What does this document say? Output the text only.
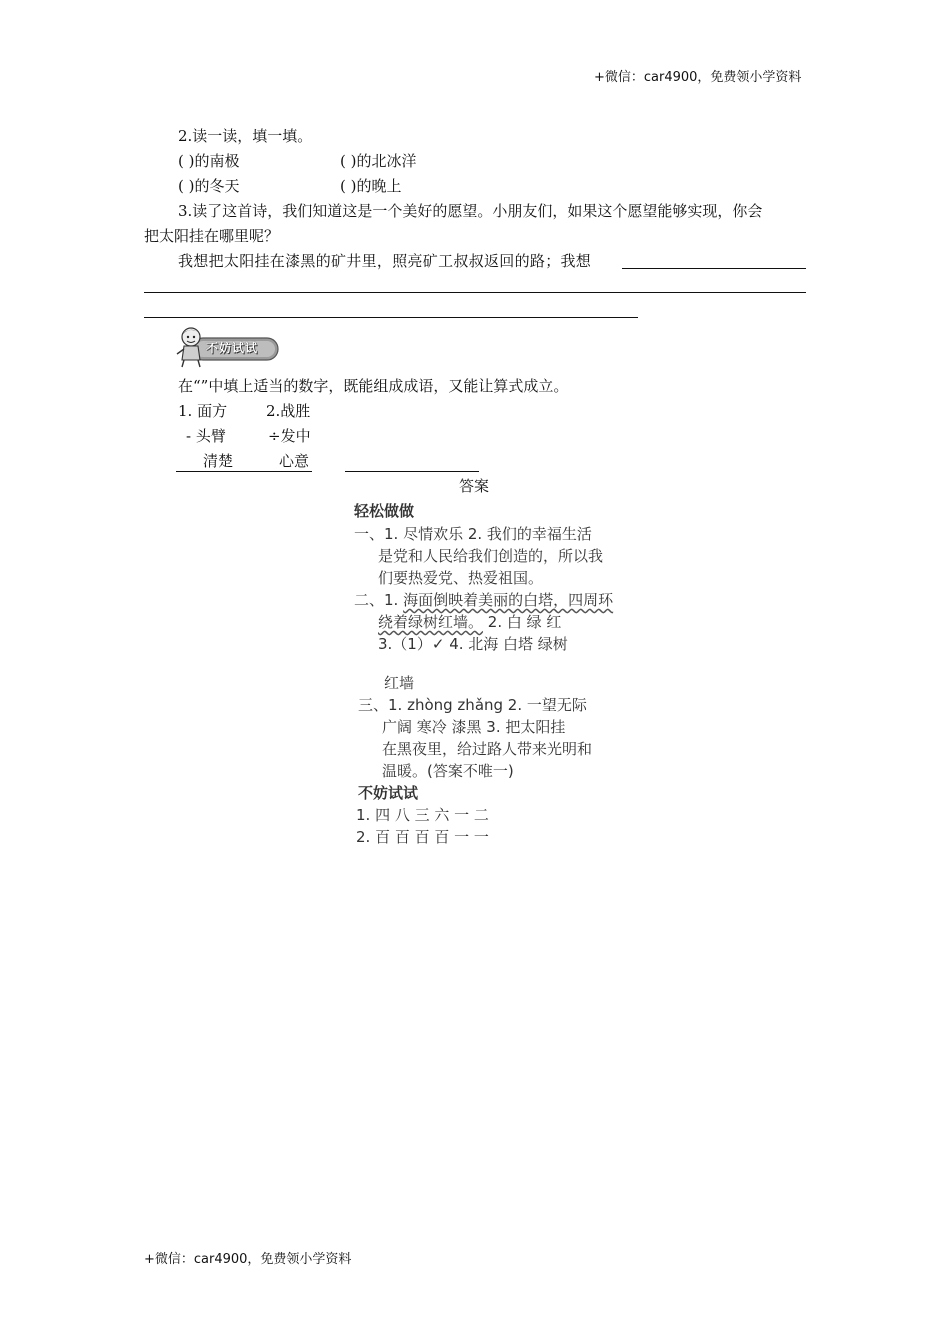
+微信：car4900，免费领小学资料
+微信：car4900，免费领小学资料
2.读一读，填一填。
( )的南极	( )的北冰洋
( )的冬天	( )的晚上
3.读了这首诗，我们知道这是一个美好的愿望。小朋友们，如果这个愿望能够实现，你会
把太阳挂在哪里呢？
我想把太阳挂在漆黑的矿井里，照亮矿工叔叔返回的路；我想
不妨试试
在“”中填上适当的数字，既能组成成语，又能让算式成立。
1. 面方	2.战胜
- 头臂	÷发中
清楚	心意
答案
轻松做做
一、1. 尽情欢乐 2. 我们的幸福生活
是党和人民给我们创造的，所以我
们要热爱党、热爱祖国。
二、1. 海面倒映着美丽的白塔，四周环
绕着绿树红墙。 2. 白 绿 红
3.（1）✓ 4. 北海 白塔 绿树
红墙
三、1. zhòng zhǎng 2. 一望无际
广阔 寒冷 漆黑 3. 把太阳挂
在黑夜里，给过路人带来光明和
温暖。(答案不唯一)
不妨试试
1. 四 八 三 六 一 二
2. 百 百 百 百 一 一
